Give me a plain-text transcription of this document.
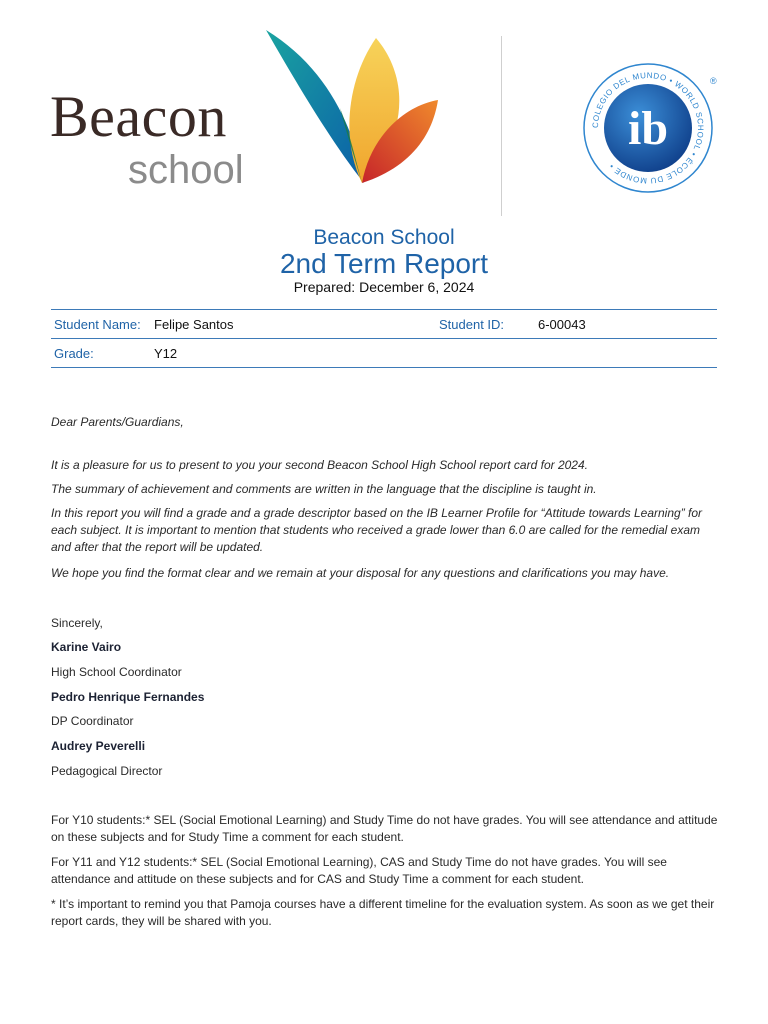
Beacon
school
COLEGIO DEL MUNDO • WORLD SCHOOL • ÉCOLE DU MONDE •
ib
®
Beacon School
2nd Term Report
Prepared: December 6, 2024
Student Name: Felipe Santos	Student ID:	6-00043
Grade:	Y12
Dear Parents/Guardians,
It is a pleasure for us to present to you your second Beacon School High School report card for 2024.
The summary of achievement and comments are written in the language that the discipline is taught in.
In this report you will find a grade and a grade descriptor based on the IB Learner Profile for “Attitude towards Learning” for each subject. It is important to mention that students who received a grade lower than 6.0 are called for the remedial exam and after that the report will be updated.
We hope you find the format clear and we remain at your disposal for any questions and clarifications you may have.
Sincerely,
Karine Vairo
High School Coordinator
Pedro Henrique Fernandes
DP Coordinator
Audrey Peverelli
Pedagogical Director
For Y10 students:* SEL (Social Emotional Learning) and Study Time do not have grades. You will see attendance and attitude on these subjects and for Study Time a comment for each student.
For Y11 and Y12 students:* SEL (Social Emotional Learning), CAS and Study Time do not have grades. You will see attendance and attitude on these subjects and for CAS and Study Time a comment for each student.
* It’s important to remind you that Pamoja courses have a different timeline for the evaluation system. As soon as we get their report cards, they will be shared with you.
